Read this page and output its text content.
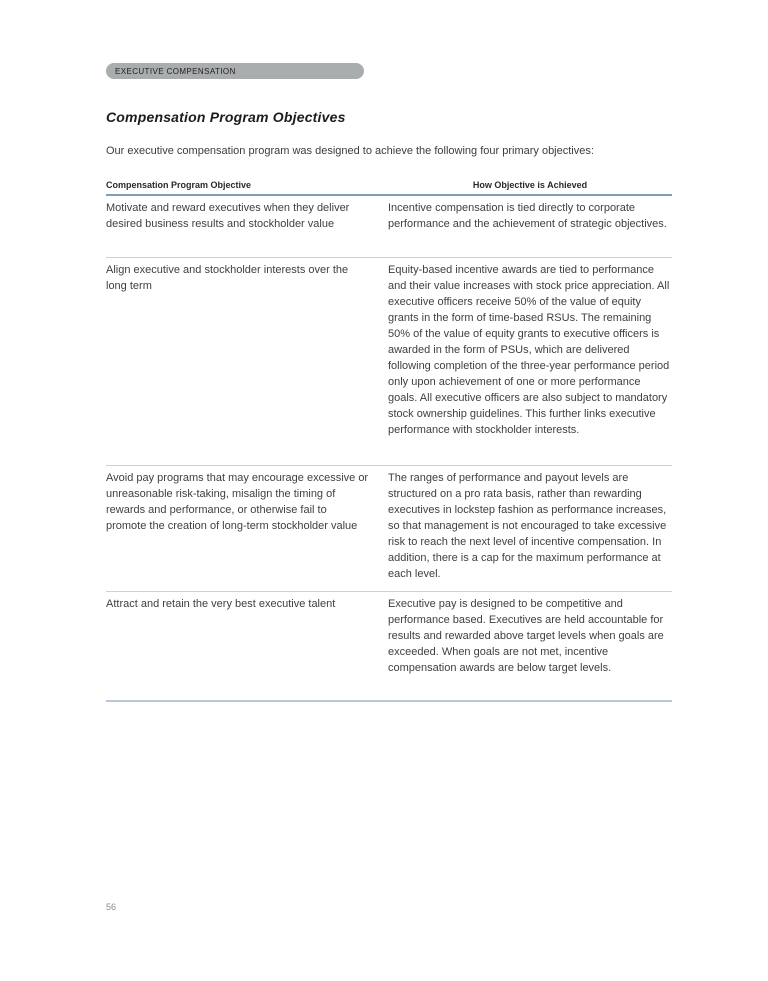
EXECUTIVE COMPENSATION
Compensation Program Objectives
Our executive compensation program was designed to achieve the following four primary objectives:
Compensation Program Objective	How Objective is Achieved
Motivate and reward executives when they deliver desired business results and stockholder value
Incentive compensation is tied directly to corporate performance and the achievement of strategic objectives.
Align executive and stockholder interests over the long term
Equity-based incentive awards are tied to performance and their value increases with stock price appreciation. All executive officers receive 50% of the value of equity grants in the form of time-based RSUs. The remaining 50% of the value of equity grants to executive officers is awarded in the form of PSUs, which are delivered following completion of the three-year performance period only upon achievement of one or more performance goals. All executive officers are also subject to mandatory stock ownership guidelines. This further links executive performance with stockholder interests.
Avoid pay programs that may encourage excessive or unreasonable risk-taking, misalign the timing of rewards and performance, or otherwise fail to promote the creation of long-term stockholder value
The ranges of performance and payout levels are structured on a pro rata basis, rather than rewarding executives in lockstep fashion as performance increases, so that management is not encouraged to take excessive risk to reach the next level of incentive compensation. In addition, there is a cap for the maximum performance at each level.
Attract and retain the very best executive talent	Executive pay is designed to be competitive and performance based. Executives are held accountable for results and rewarded above target levels when goals are exceeded. When goals are not met, incentive compensation awards are below target levels.
56
